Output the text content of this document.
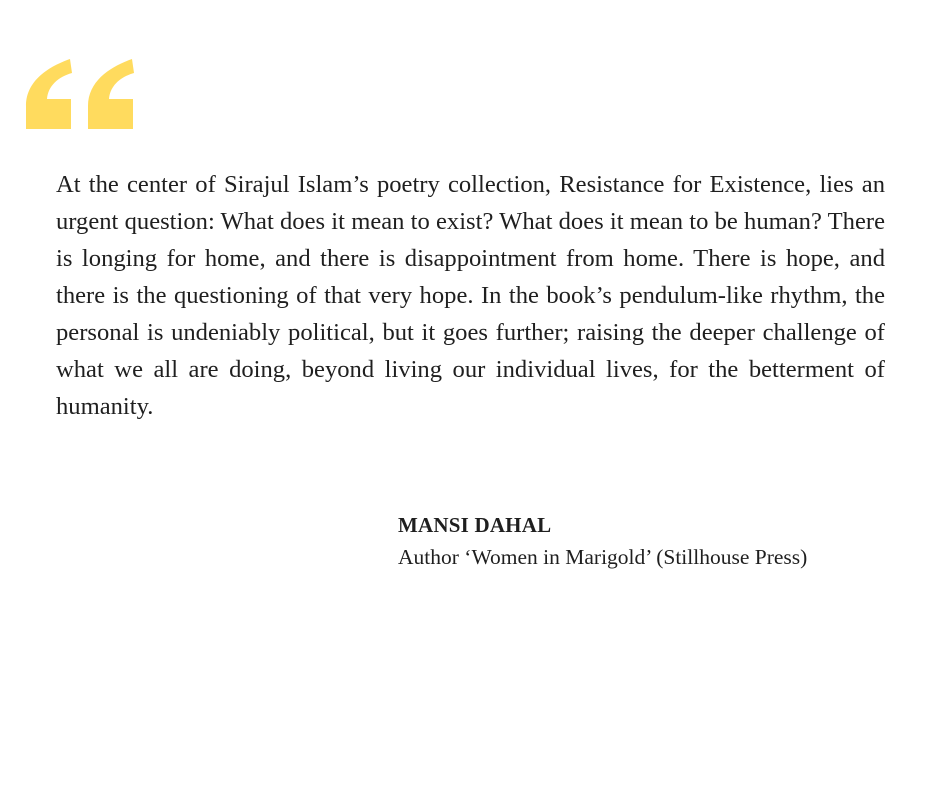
At the center of Sirajul Islam’s poetry collection, Resistance for Existence, lies an urgent question: What does it mean to exist? What does it mean to be human? There is longing for home, and there is disappointment from home. There is hope, and there is the questioning of that very hope. In the book’s pendulum-like rhythm, the personal is undeniably political, but it goes further; raising the deeper challenge of what we all are doing, beyond living our individual lives, for the betterment of humanity.

MANSI DAHAL
Author ‘Women in Marigold’ (Stillhouse Press)
